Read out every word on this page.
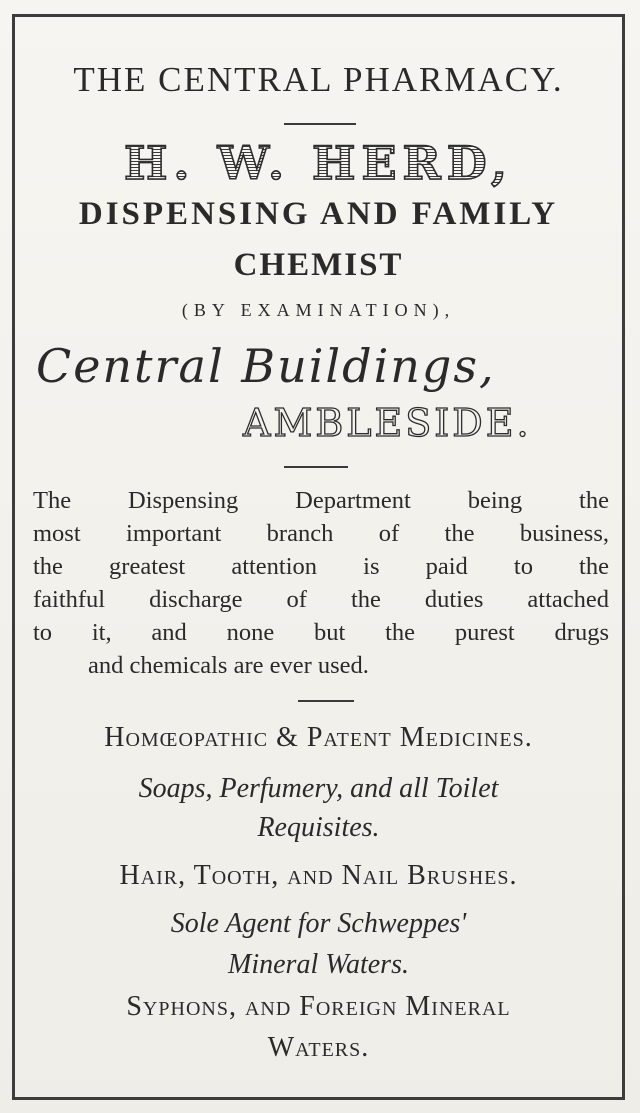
THE CENTRAL PHARMACY.
H. W. HERD,
DISPENSING AND FAMILY
CHEMIST
(BY EXAMINATION),
Central Buildings,
AMBLESIDE.
The Dispensing Department being the
most important branch of the business,
the greatest attention is paid to the
faithful discharge of the duties attached
to it, and none but the purest drugs
and chemicals are ever used.
Homœopathic & Patent Medicines.
Soaps, Perfumery, and all Toilet
Requisites.
Hair, Tooth, and Nail Brushes.
Sole Agent for Schweppes'
Mineral Waters.
Syphons, and Foreign Mineral
Waters.
